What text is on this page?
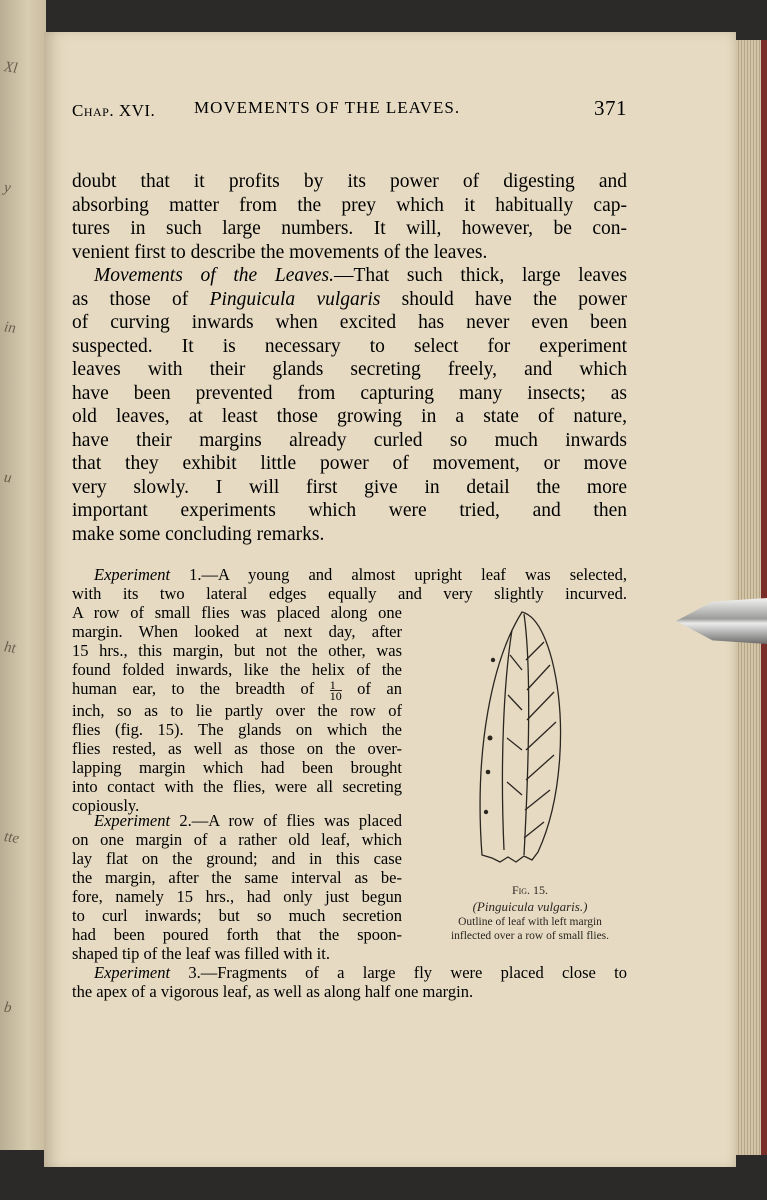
Xl
y
in
u
ht
tte
b
Chap. XVI. MOVEMENTS OF THE LEAVES.	371
doubt that it profits by its power of digesting and
absorbing matter from the prey which it habitually cap-
tures in such large numbers. It will, however, be con-
venient first to describe the movements of the leaves.
Movements of the Leaves.—That such thick, large leaves
as those of Pinguicula vulgaris should have the power
of curving inwards when excited has never even been
suspected. It is necessary to select for experiment
leaves with their glands secreting freely, and which
have been prevented from capturing many insects; as
old leaves, at least those growing in a state of nature,
have their margins already curled so much inwards
that they exhibit little power of movement, or move
very slowly. I will first give in detail the more
important experiments which were tried, and then
make some concluding remarks.
Experiment 1.—A young and almost upright leaf was selected,
with its two lateral edges equally and very slightly incurved.
A row of small flies was placed along one
margin. When looked at next day, after
15 hrs., this margin, but not the other, was
found folded inwards, like the helix of the
human ear, to the breadth of $\frac{1}{10}$ of an
inch, so as to lie partly over the row of
flies (fig. 15). The glands on which the
flies rested, as well as those on the over-
lapping margin which had been brought
into contact with the flies, were all secreting
copiously.
Experiment 2.—A row of flies was placed
on one margin of a rather old leaf, which
lay flat on the ground; and in this case
the margin, after the same interval as be-
fore, namely 15 hrs., had only just begun
to curl inwards; but so much secretion
had been poured forth that the spoon-
shaped tip of the leaf was filled with it.
Experiment 3.—Fragments of a large fly were placed close to
the apex of a vigorous leaf, as well as along half one margin.
Fig. 15.
(Pinguicula vulgaris.)
Outline of leaf with left margin inflected over a row of small flies.
